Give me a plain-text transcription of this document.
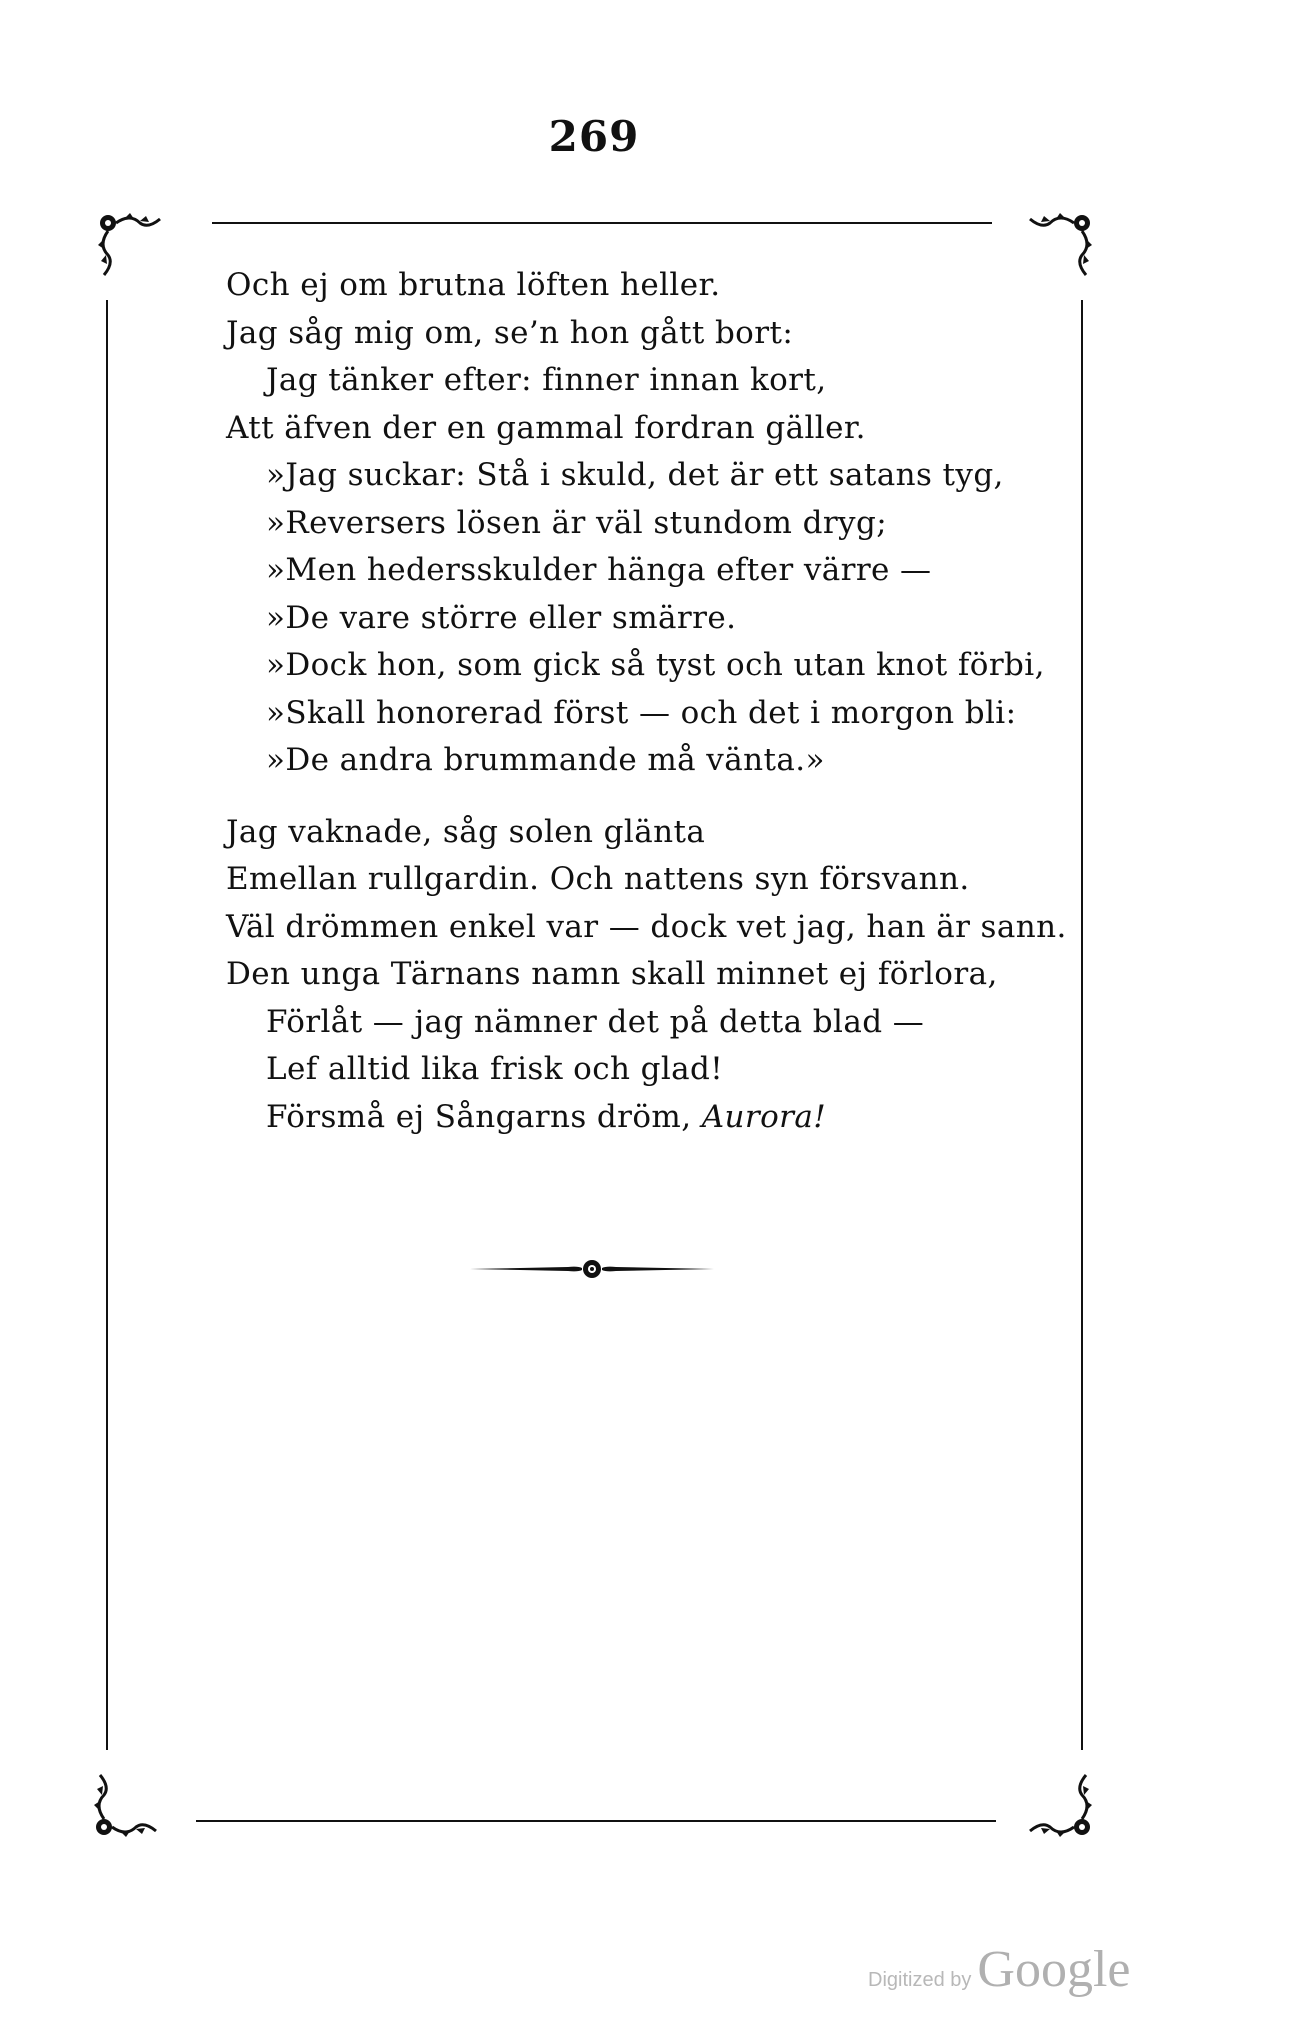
269
Och ej om brutna löften heller.
Jag såg mig om, se’n hon gått bort:
Jag tänker efter: finner innan kort,
Att äfven der en gammal fordran gäller.
»Jag suckar: Stå i skuld, det är ett satans tyg,
»Reversers lösen är väl stundom dryg;
»Men hedersskulder hänga efter värre —
»De vare större eller smärre.
»Dock hon, som gick så tyst och utan knot förbi,
»Skall honorerad först — och det i morgon bli:
»De andra brummande må vänta.»
Jag vaknade, såg solen glänta
Emellan rullgardin. Och nattens syn försvann.
Väl drömmen enkel var — dock vet jag, han är sann.
Den unga Tärnans namn skall minnet ej förlora,
Förlåt — jag nämner det på detta blad —
Lef alltid lika frisk och glad!
Försmå ej Sångarns dröm, Aurora!
Digitized by Google
